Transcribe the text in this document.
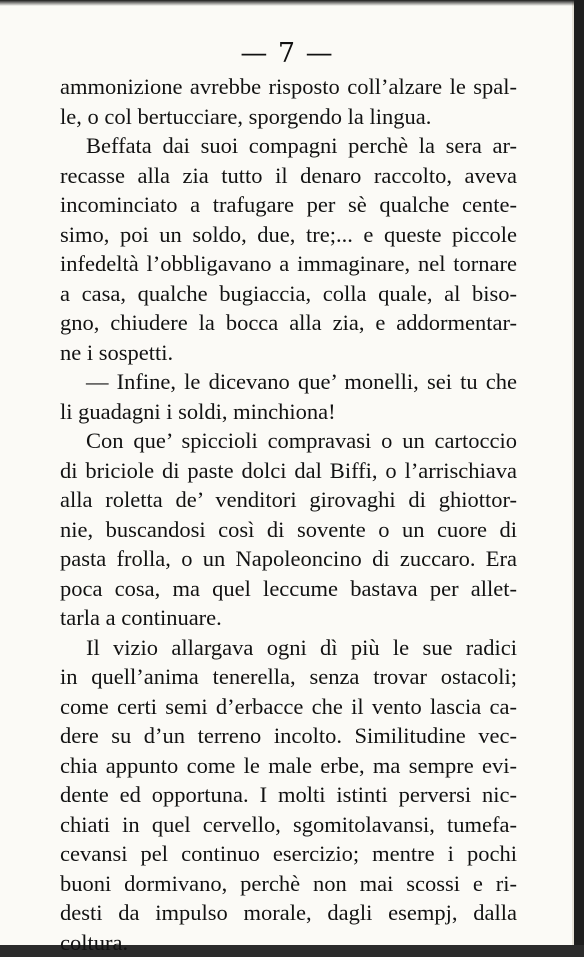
— 7 —
ammonizione avrebbe risposto coll’alzare le spal-
le, o col bertucciare, sporgendo la lingua.
Beffata dai suoi compagni perchè la sera ar-
recasse alla zia tutto il denaro raccolto, aveva
incominciato a trafugare per sè qualche cente-
simo, poi un soldo, due, tre;... e queste piccole
infedeltà l’obbligavano a immaginare, nel tornare
a casa, qualche bugiaccia, colla quale, al biso-
gno, chiudere la bocca alla zia, e addormentar-
ne i sospetti.
— Infine, le dicevano que’ monelli, sei tu che
li guadagni i soldi, minchiona!
Con que’ spiccioli compravasi o un cartoccio
di briciole di paste dolci dal Biffi, o l’arrischiava
alla roletta de’ venditori girovaghi di ghiottor-
nie, buscandosi così di sovente o un cuore di
pasta frolla, o un Napoleoncino di zuccaro. Era
poca cosa, ma quel leccume bastava per allet-
tarla a continuare.
Il vizio allargava ogni dì più le sue radici
in quell’anima tenerella, senza trovar ostacoli;
come certi semi d’erbacce che il vento lascia ca-
dere su d’un terreno incolto. Similitudine vec-
chia appunto come le male erbe, ma sempre evi-
dente ed opportuna. I molti istinti perversi nic-
chiati in quel cervello, sgomitolavansi, tumefa-
cevansi pel continuo esercizio; mentre i pochi
buoni dormivano, perchè non mai scossi e ri-
desti da impulso morale, dagli esempj, dalla
coltura.
